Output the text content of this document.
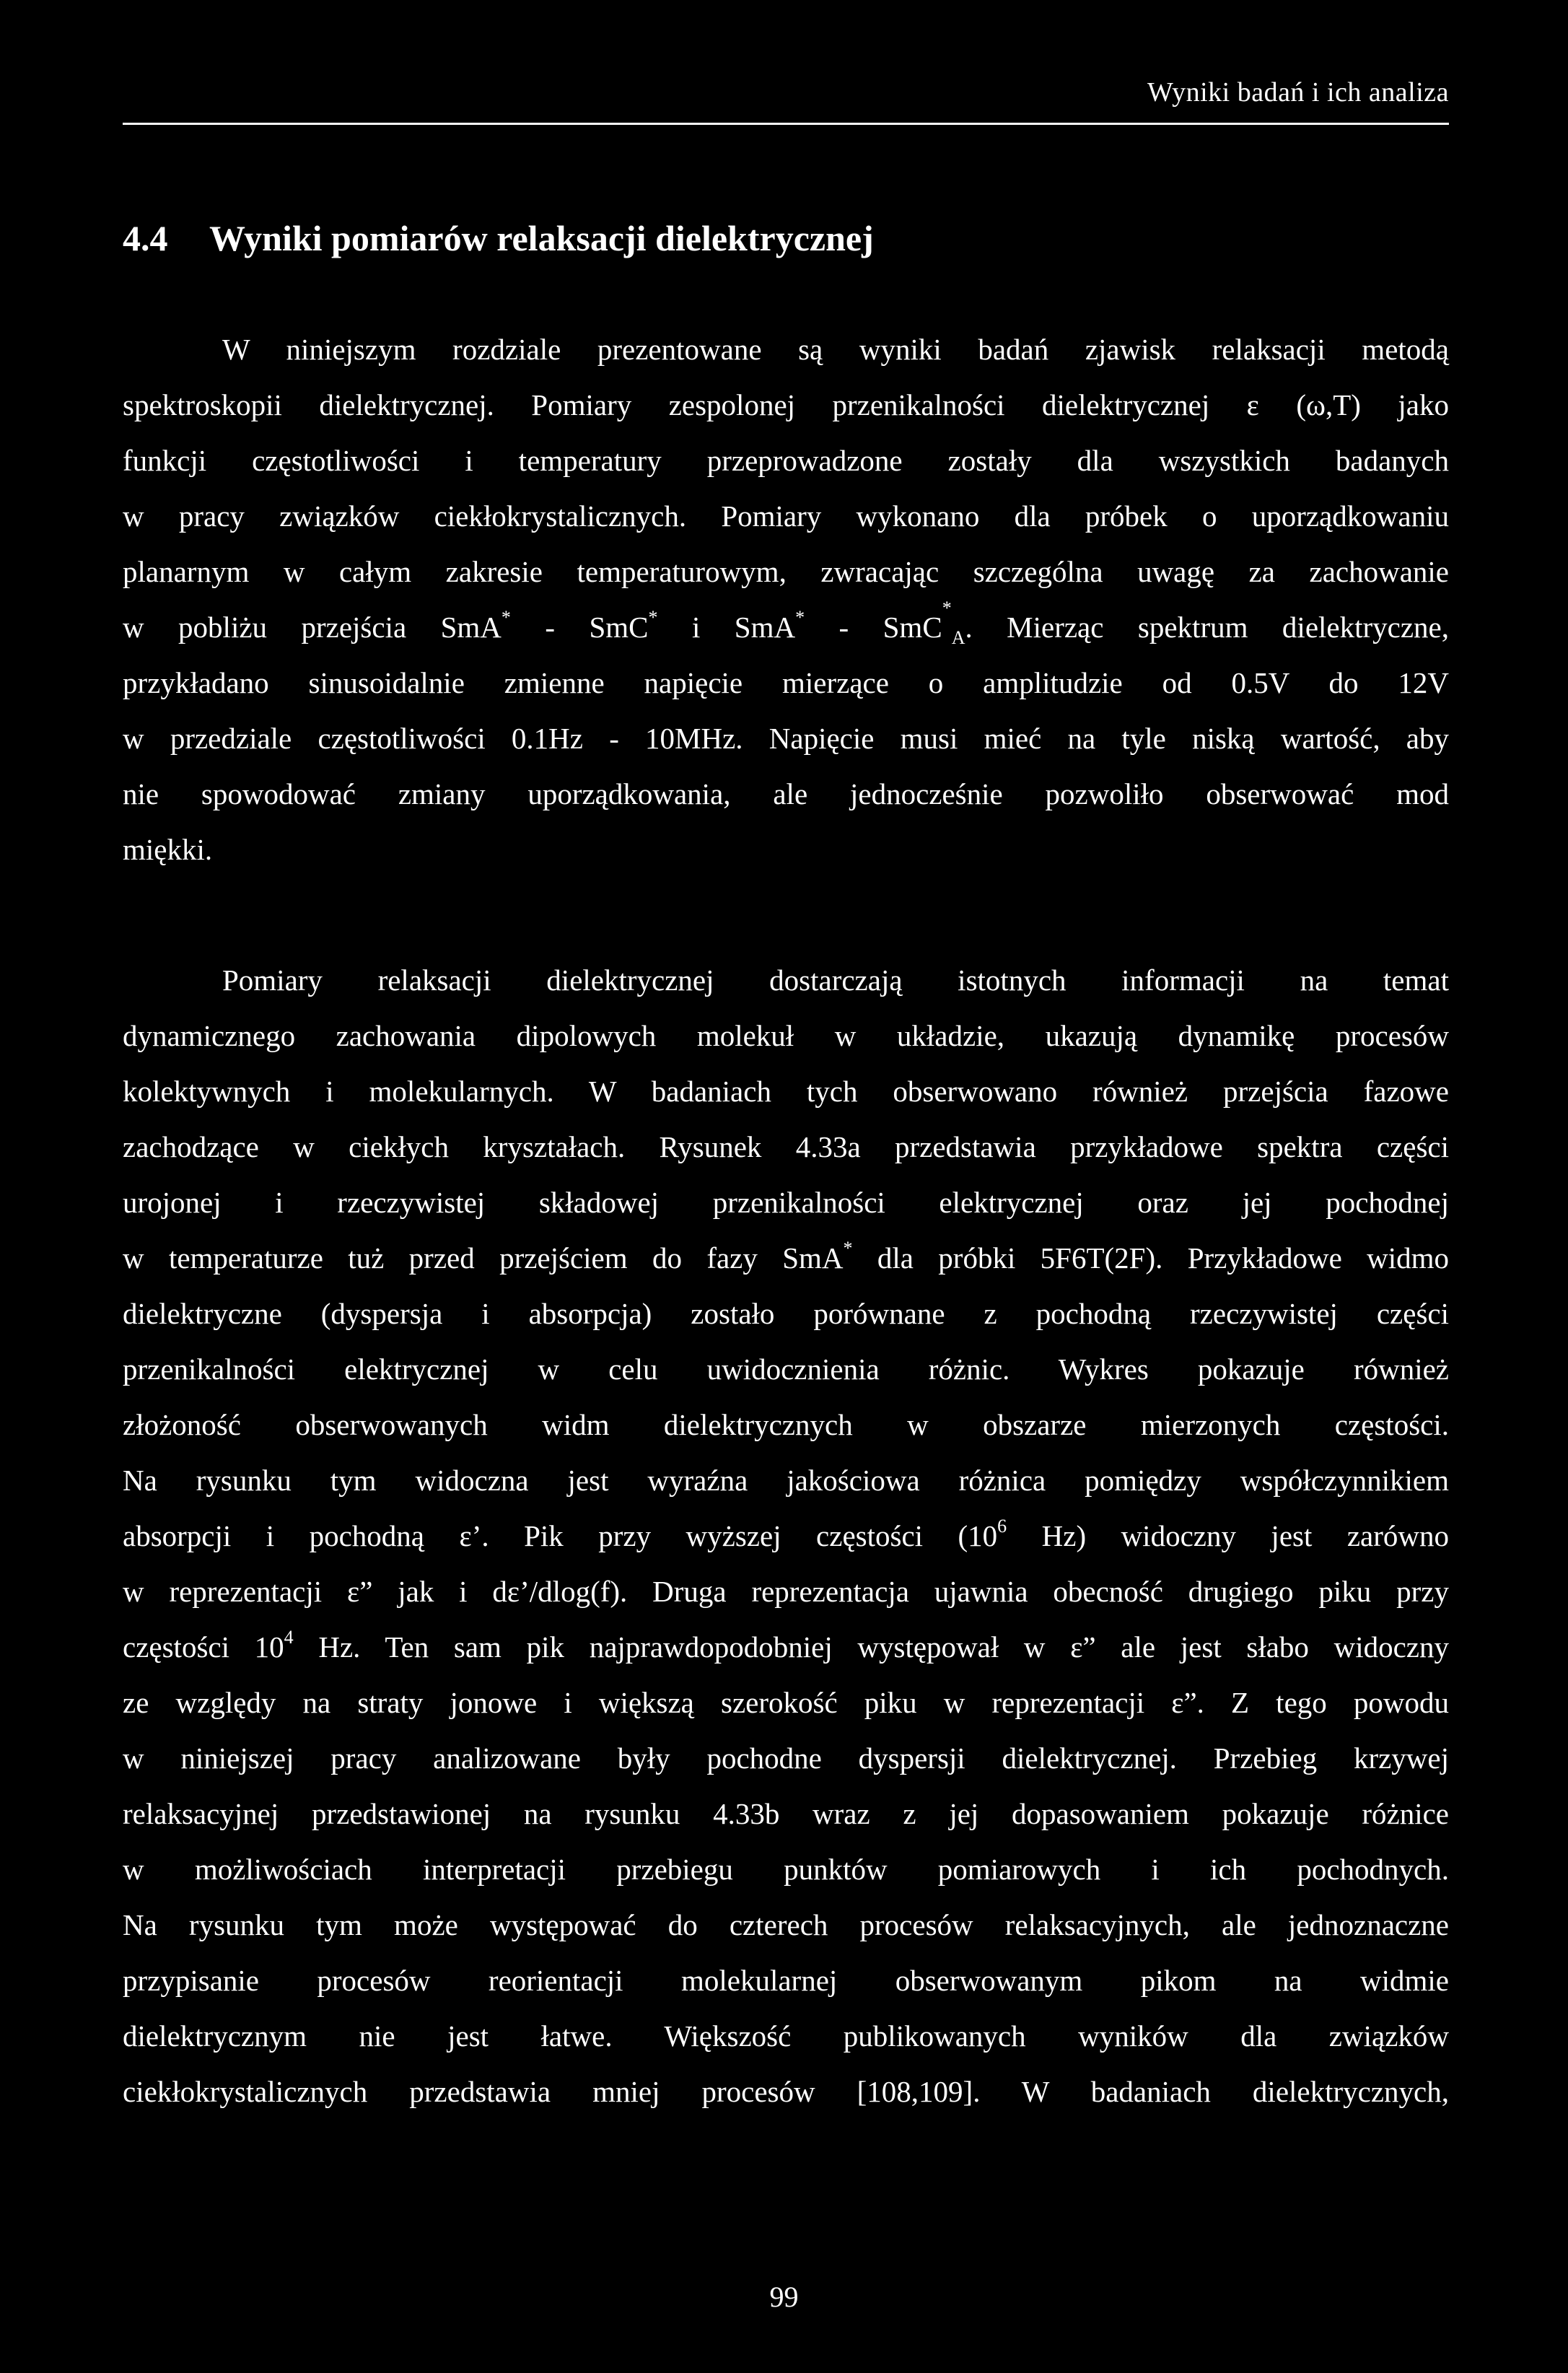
Wyniki badań i ich analiza
4.4 Wyniki pomiarów relaksacji dielektrycznej
W niniejszym rozdziale prezentowane są wyniki badań zjawisk relaksacji metodą
spektroskopii dielektrycznej. Pomiary zespolonej przenikalności dielektrycznej ε (ω,T) jako
funkcji częstotliwości i temperatury przeprowadzone zostały dla wszystkich badanych
w pracy związków ciekłokrystalicznych. Pomiary wykonano dla próbek o uporządkowaniu
planarnym w całym zakresie temperaturowym, zwracając szczególna uwagę za zachowanie
w pobliżu przejścia SmA* - SmC* i SmA* - SmC*$_A$. Mierząc spektrum dielektryczne,
przykładano sinusoidalnie zmienne napięcie mierzące o amplitudzie od 0.5V do 12V
w przedziale częstotliwości 0.1Hz - 10MHz. Napięcie musi mieć na tyle niską wartość, aby
nie spowodować zmiany uporządkowania, ale jednocześnie pozwoliło obserwować mod
miękki.
Pomiary relaksacji dielektrycznej dostarczają istotnych informacji na temat
dynamicznego zachowania dipolowych molekuł w układzie, ukazują dynamikę procesów
kolektywnych i molekularnych. W badaniach tych obserwowano również przejścia fazowe
zachodzące w ciekłych kryształach. Rysunek 4.33a przedstawia przykładowe spektra części
urojonej i rzeczywistej składowej przenikalności elektrycznej oraz jej pochodnej
w temperaturze tuż przed przejściem do fazy SmA* dla próbki 5F6T(2F). Przykładowe widmo
dielektryczne (dyspersja i absorpcja) zostało porównane z pochodną rzeczywistej części
przenikalności elektrycznej w celu uwidocznienia różnic. Wykres pokazuje również
złożoność obserwowanych widm dielektrycznych w obszarze mierzonych częstości.
Na rysunku tym widoczna jest wyraźna jakościowa różnica pomiędzy współczynnikiem
absorpcji i pochodną ε’. Pik przy wyższej częstości ($10^6$ Hz) widoczny jest zarówno
w reprezentacji ε” jak i dε’/dlog(f). Druga reprezentacja ujawnia obecność drugiego piku przy
częstości $10^4$ Hz. Ten sam pik najprawdopodobniej występował w ε” ale jest słabo widoczny
ze względy na straty jonowe i większą szerokość piku w reprezentacji ε”. Z tego powodu
w niniejszej pracy analizowane były pochodne dyspersji dielektrycznej. Przebieg krzywej
relaksacyjnej przedstawionej na rysunku 4.33b wraz z jej dopasowaniem pokazuje różnice
w możliwościach interpretacji przebiegu punktów pomiarowych i ich pochodnych.
Na rysunku tym może występować do czterech procesów relaksacyjnych, ale jednoznaczne
przypisanie procesów reorientacji molekularnej obserwowanym pikom na widmie
dielektrycznym nie jest łatwe. Większość publikowanych wyników dla związków
ciekłokrystalicznych przedstawia mniej procesów [108,109]. W badaniach dielektrycznych,
99
